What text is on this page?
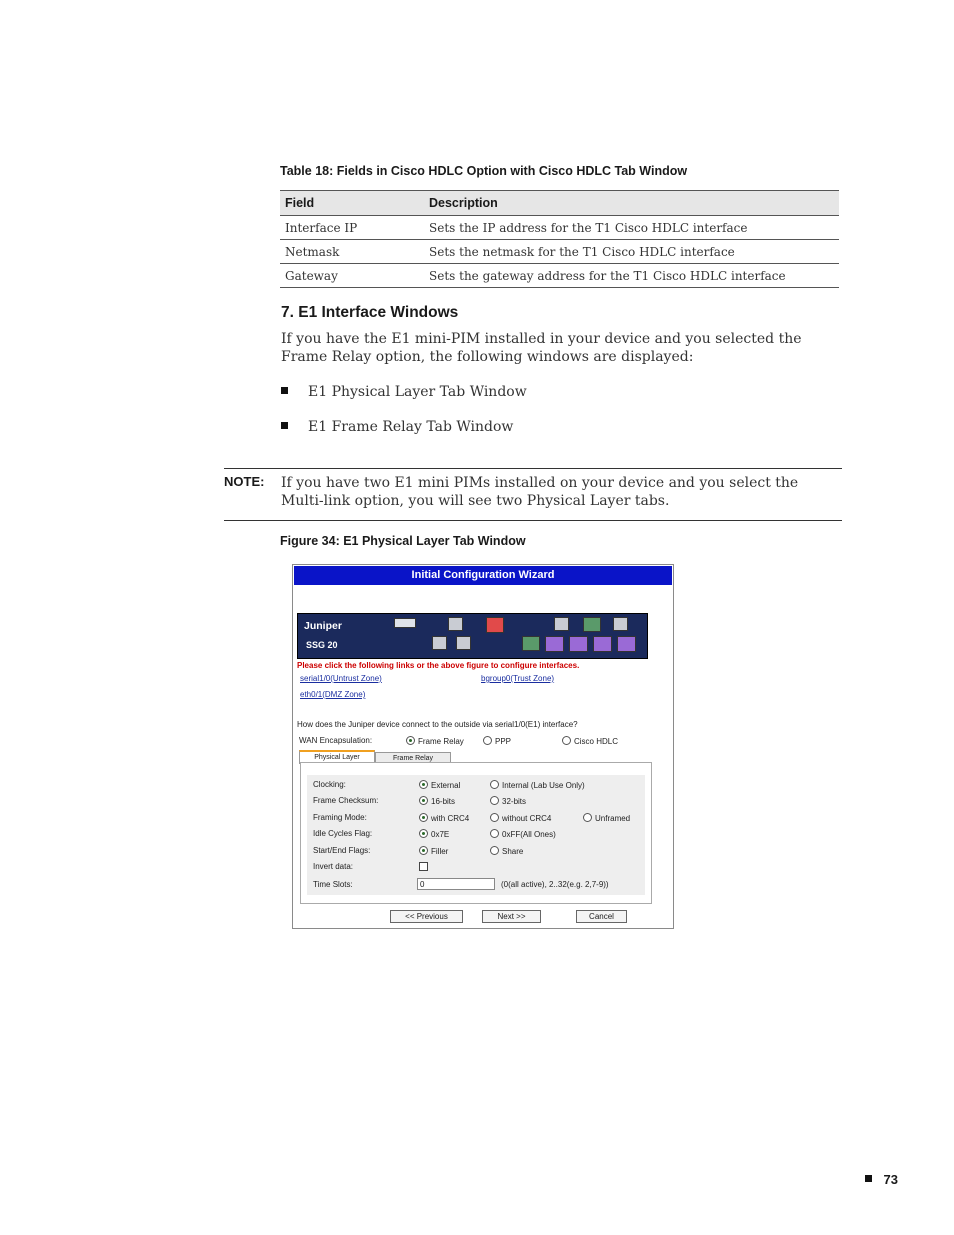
Table 18: Fields in Cisco HDLC Option with Cisco HDLC Tab Window
Field	Description
Interface IP	Sets the IP address for the T1 Cisco HDLC interface
Netmask	Sets the netmask for the T1 Cisco HDLC interface
Gateway	Sets the gateway address for the T1 Cisco HDLC interface
7. E1 Interface Windows
If you have the E1 mini-PIM installed in your device and you selected the Frame Relay option, the following windows are displayed:
E1 Physical Layer Tab Window
E1 Frame Relay Tab Window
NOTE: If you have two E1 mini PIMs installed on your device and you select the Multi-link option, you will see two Physical Layer tabs.
Figure 34: E1 Physical Layer Tab Window
Initial Configuration Wizard
Juniper
SSG 20
Please click the following links or the above figure to configure interfaces.
serial1/0(Untrust Zone)	bgroup0(Trust Zone)
eth0/1(DMZ Zone)
How does the Juniper device connect to the outside via serial1/0(E1) interface?
WAN Encapsulation:	Frame Relay	PPP	Cisco HDLC
Physical Layer	Frame Relay
Clocking:	External	Internal (Lab Use Only)
Frame Checksum:	16-bits	32-bits
Framing Mode:	with CRC4	without CRC4	Unframed
Idle Cycles Flag:	0x7E	0xFF(All Ones)
Start/End Flags:	Filler	Share
Invert data:
Time Slots:	0	(0(all active), 2..32(e.g. 2,7-9))
<< Previous	Next >>	Cancel
73
